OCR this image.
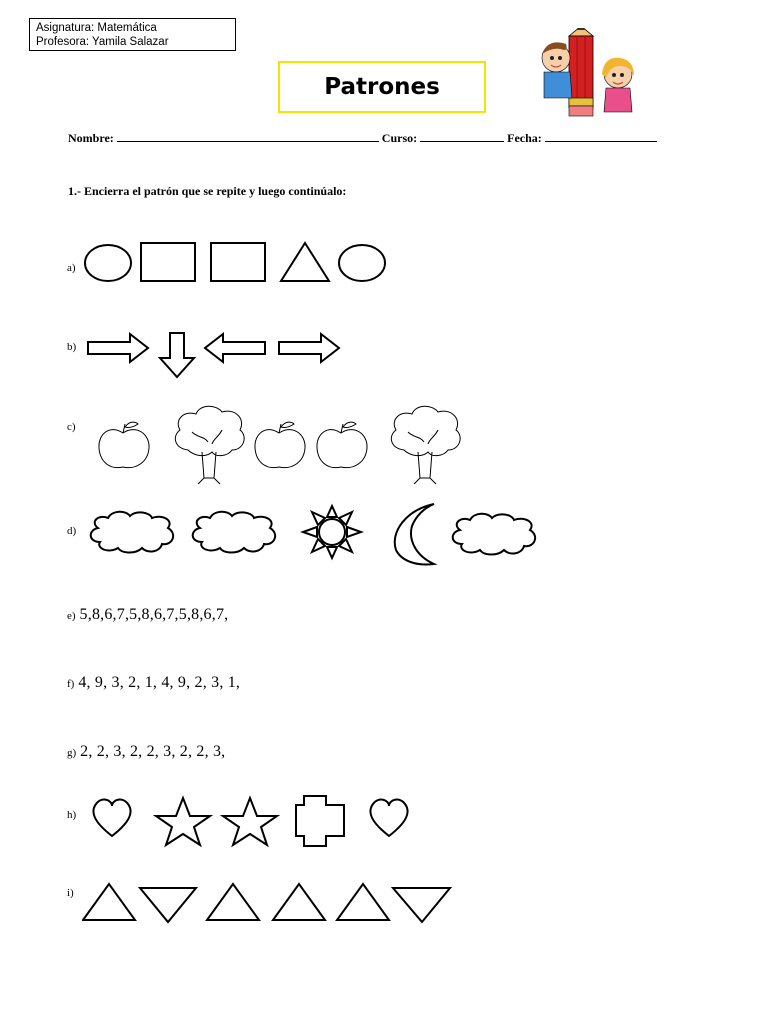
Asignatura: Matemática
Profesora: Yamila Salazar
Patrones
Nombre:	Curso:	Fecha:
1.- Encierra el patrón que se repite y luego continúalo:
a)
b)
c)
d)
h)
i)
e) 5,8,6,7,5,8,6,7,5,8,6,7,
f) 4, 9, 3, 2, 1, 4, 9, 2, 3, 1,
g) 2, 2, 3, 2, 2, 3, 2, 2, 3,
